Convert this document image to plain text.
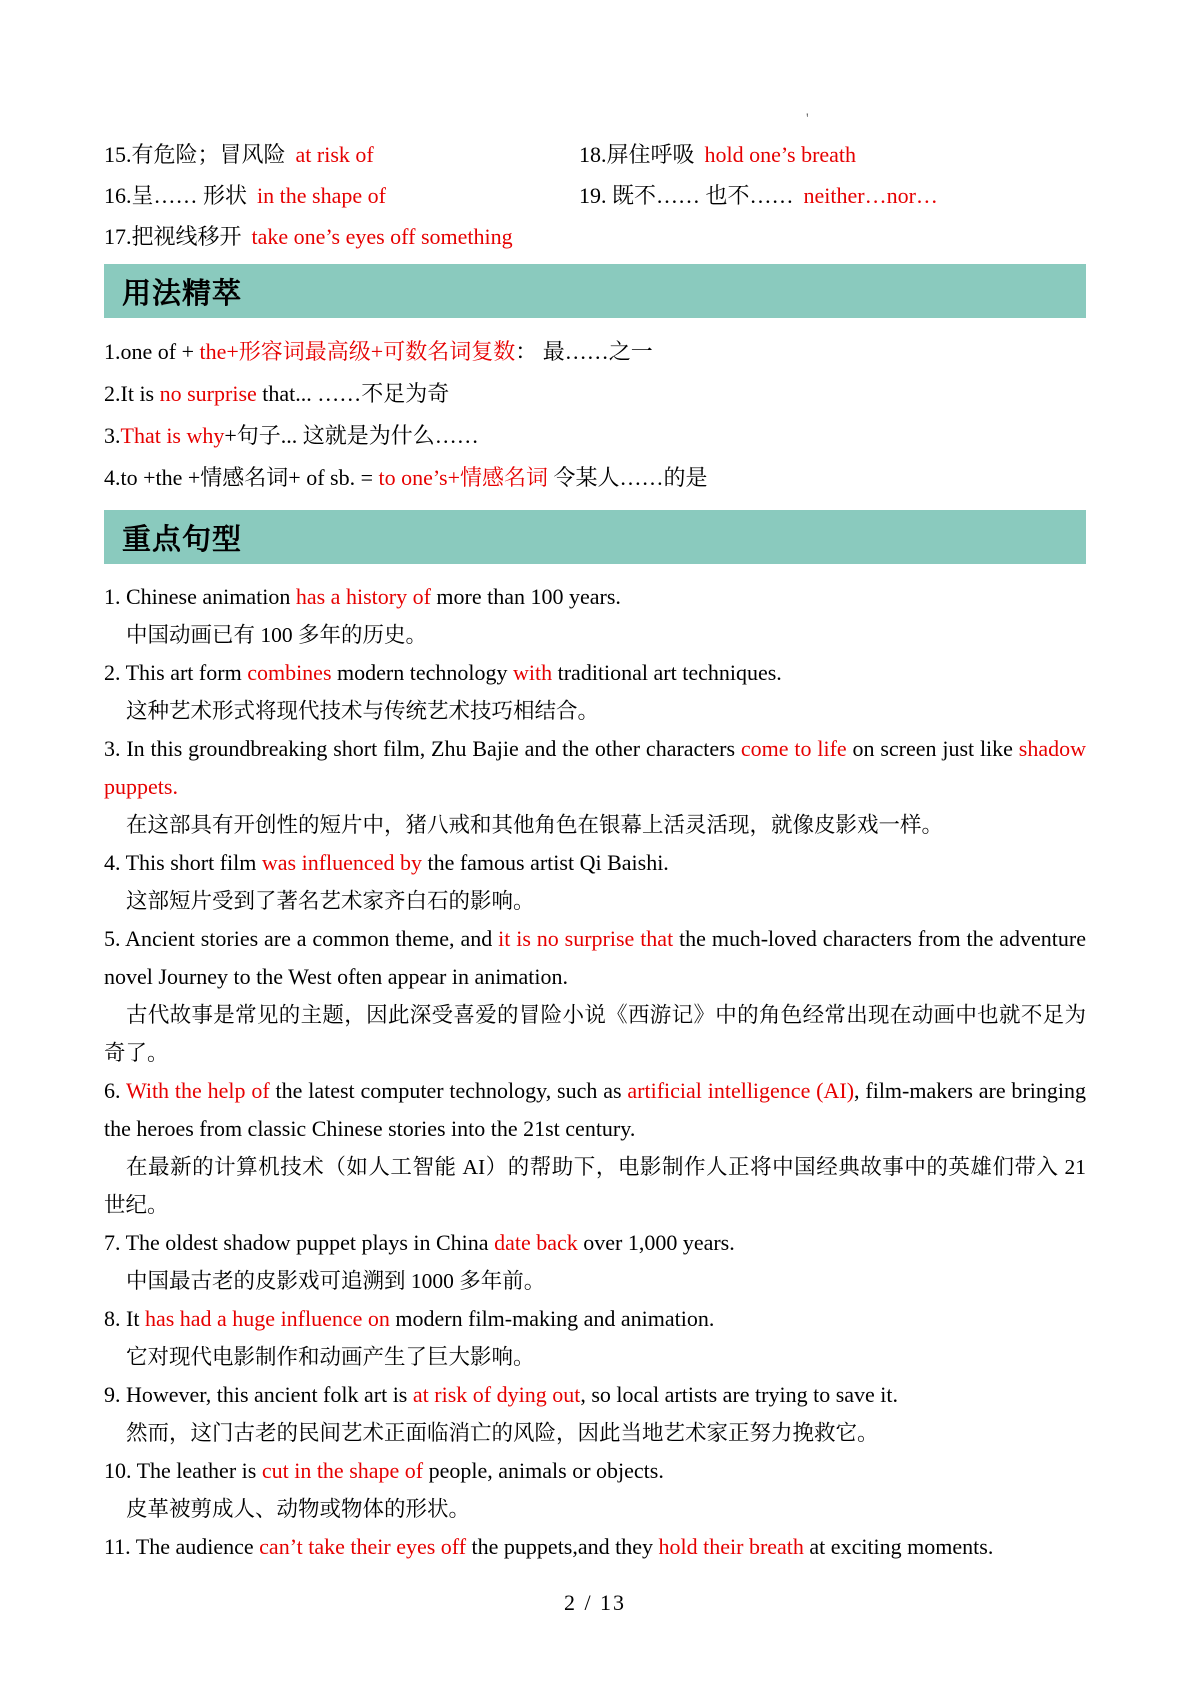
'
15.有危险；冒风险 at risk of	18.屏住呼吸 hold one’s breath
16.呈…… 形状 in the shape of	19. 既不…… 也不…… neither…nor…
17.把视线移开 take one’s eyes off something
用法精萃
1.one of + the+形容词最高级+可数名词复数： 最……之一
2.It is no surprise that... ……不足为奇
3.That is why+句子... 这就是为什么……
4.to +the +情感名词+ of sb. = to one’s+情感名词 令某人……的是
重点句型
1. Chinese animation has a history of more than 100 years.
中国动画已有 100 多年的历史。
2. This art form combines modern technology with traditional art techniques.
这种艺术形式将现代技术与传统艺术技巧相结合。
3. In this groundbreaking short film, Zhu Bajie and the other characters come to life on screen just like shadow puppets.
在这部具有开创性的短片中，猪八戒和其他角色在银幕上活灵活现，就像皮影戏一样。
4. This short film was influenced by the famous artist Qi Baishi.
这部短片受到了著名艺术家齐白石的影响。
5. Ancient stories are a common theme, and it is no surprise that the much-loved characters from the adventure novel Journey to the West often appear in animation.
古代故事是常见的主题，因此深受喜爱的冒险小说《西游记》中的角色经常出现在动画中也就不足为奇了。
6. With the help of the latest computer technology, such as artificial intelligence (AI), film-makers are bringing the heroes from classic Chinese stories into the 21st century.
在最新的计算机技术（如人工智能 AI）的帮助下，电影制作人正将中国经典故事中的英雄们带入 21 世纪。
7. The oldest shadow puppet plays in China date back over 1,000 years.
中国最古老的皮影戏可追溯到 1000 多年前。
8. It has had a huge influence on modern film-making and animation.
它对现代电影制作和动画产生了巨大影响。
9. However, this ancient folk art is at risk of dying out, so local artists are trying to save it.
然而，这门古老的民间艺术正面临消亡的风险，因此当地艺术家正努力挽救它。
10. The leather is cut in the shape of people, animals or objects.
皮革被剪成人、动物或物体的形状。
11. The audience can’t take their eyes off the puppets,and they hold their breath at exciting moments.
2 / 13
